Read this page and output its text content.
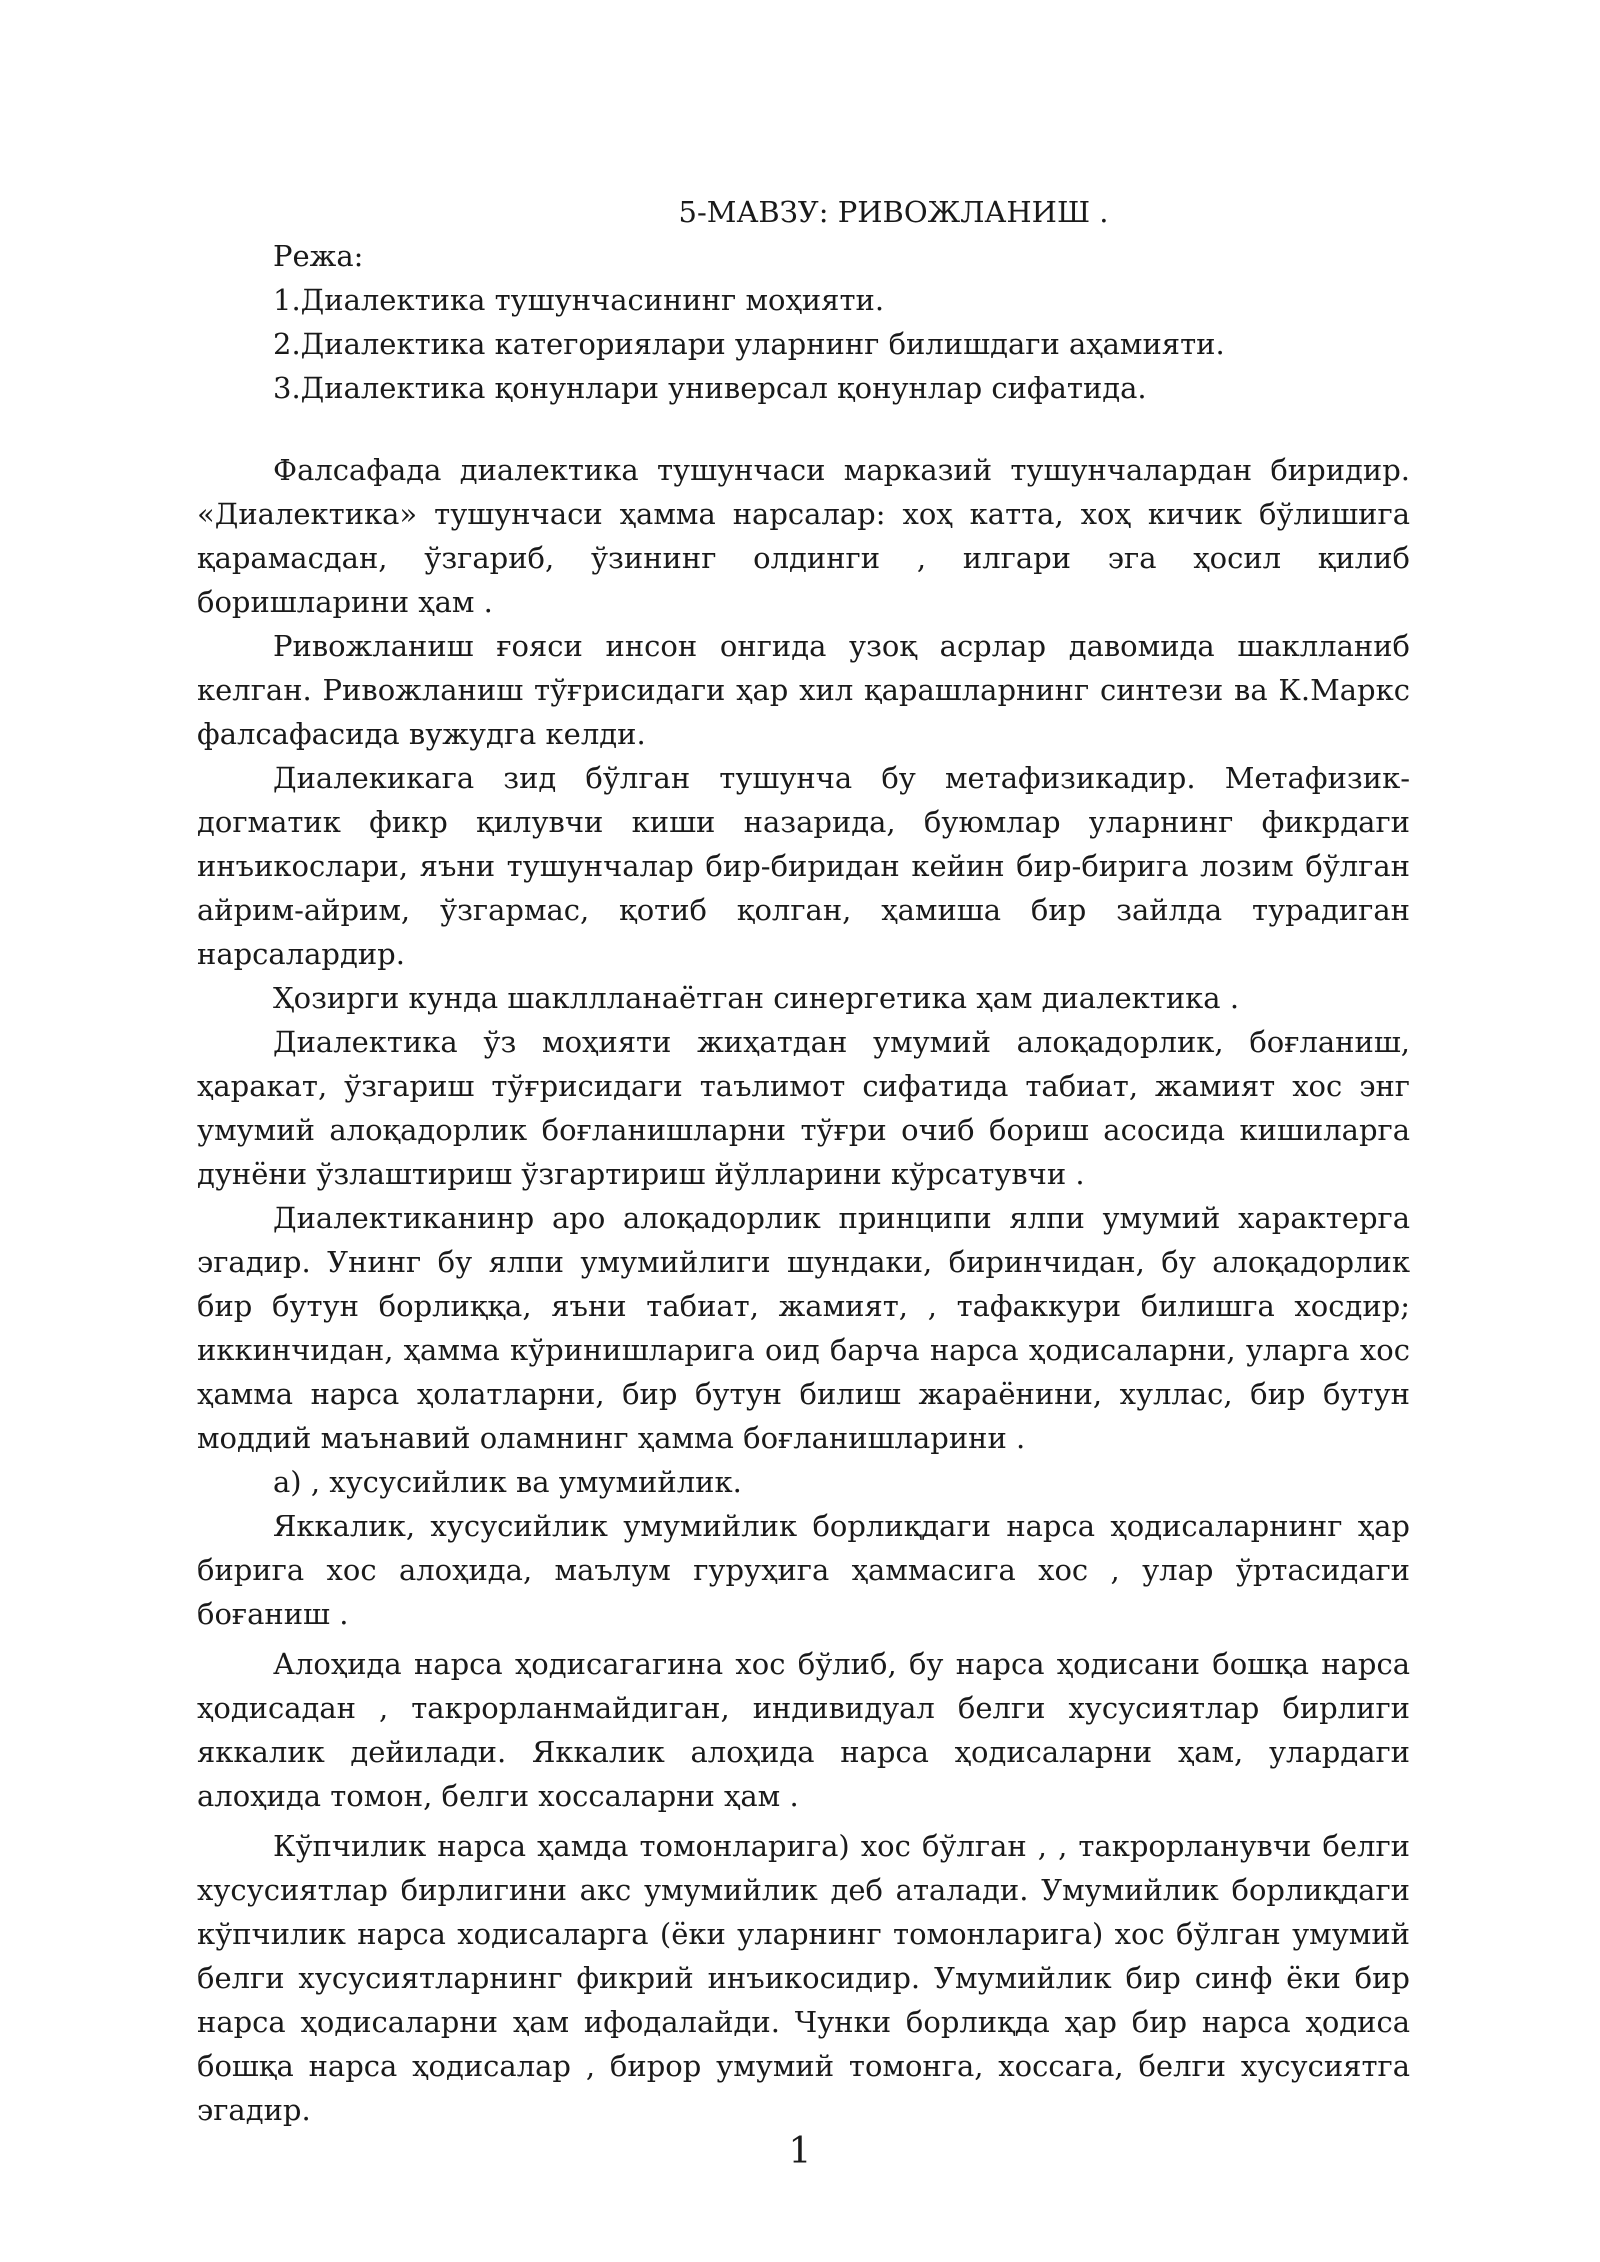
5-МАВЗУ: РИВОЖЛАНИШ .

Режа:

1.Диалектика тушунчасининг моҳияти.

2.Диалектика категориялари уларнинг билишдаги аҳамияти.

3.Диалектика қонунлари универсал қонунлар сифатида.

Фалсафада диалектика тушунчаси марказий тушунчалардан биридир. «Диалектика» тушунчаси ҳамма нарсалар: хоҳ катта, хоҳ кичик бўлишига қарамасдан, ўзгариб, ўзининг олдинги , илгари эга ҳосил қилиб боришларини ҳам .

Ривожланиш ғояси инсон онгида узоқ асрлар давомида шаклланиб келган. Ривожланиш тўғрисидаги ҳар хил қарашларнинг синтези ва К.Маркс фалсафасида вужудга келди.

Диалекикага зид бўлган тушунча бу метафизикадир. Метафизик-догматик фикр қилувчи киши назарида, буюмлар уларнинг фикрдаги инъикослари, яъни тушунчалар бир-биридан кейин бир-бирига лозим бўлган айрим-айрим, ўзгармас, қотиб қолган, ҳамиша бир зайлда турадиган нарсалардир.

Ҳозирги кунда шакллланаётган синергетика ҳам диалектика .

Диалектика ўз моҳияти жиҳатдан умумий алоқадорлик, боғланиш, ҳаракат, ўзгариш тўғрисидаги таълимот сифатида табиат, жамият хос энг умумий алоқадорлик боғланишларни тўғри очиб бориш асосида кишиларга дунёни ўзлаштириш ўзгартириш йўлларини кўрсатувчи .

Диалектиканинр аро алоқадорлик принципи ялпи умумий характерга эгадир. Унинг бу ялпи умумийлиги шундаки, биринчидан, бу алоқадорлик бир бутун борлиққа, яъни табиат, жамият, , тафаккури билишга хосдир; иккинчидан, ҳамма кўринишларига оид барча нарса ҳодисаларни, уларга хос ҳамма нарса ҳолатларни, бир бутун билиш жараёнини, хуллас, бир бутун моддий маънавий оламнинг ҳамма боғланишларини .

а) , хусусийлик ва умумийлик.

Яккалик, хусусийлик умумийлик борлиқдаги нарса ҳодисаларнинг ҳар бирига хос алоҳида, маълум гуруҳига ҳаммасига хос , улар ўртасидаги боғаниш .

Алоҳида нарса ҳодисагагина хос бўлиб, бу нарса ҳодисани бошқа нарса ҳодисадан , такрорланмайдиган, индивидуал белги хусусиятлар бирлиги яккалик дейилади. Яккалик алоҳида нарса ҳодисаларни ҳам, улардаги алоҳида томон, белги хоссаларни ҳам .

Кўпчилик нарса ҳамда томонларига) хос бўлган , , такрорланувчи белги хусусиятлар бирлигини акс умумийлик деб аталади. Умумийлик борлиқдаги кўпчилик нарса ходисаларга (ёки уларнинг томонларига) хос бўлган умумий белги хусусиятларнинг фикрий инъикосидир. Умумийлик бир синф ёки бир нарса ҳодисаларни ҳам ифодалайди. Чунки борлиқда ҳар бир нарса ҳодиса бошқа нарса ҳодисалар , бирор умумий томонга, хоссага, белги хусусиятга эгадир.

1
